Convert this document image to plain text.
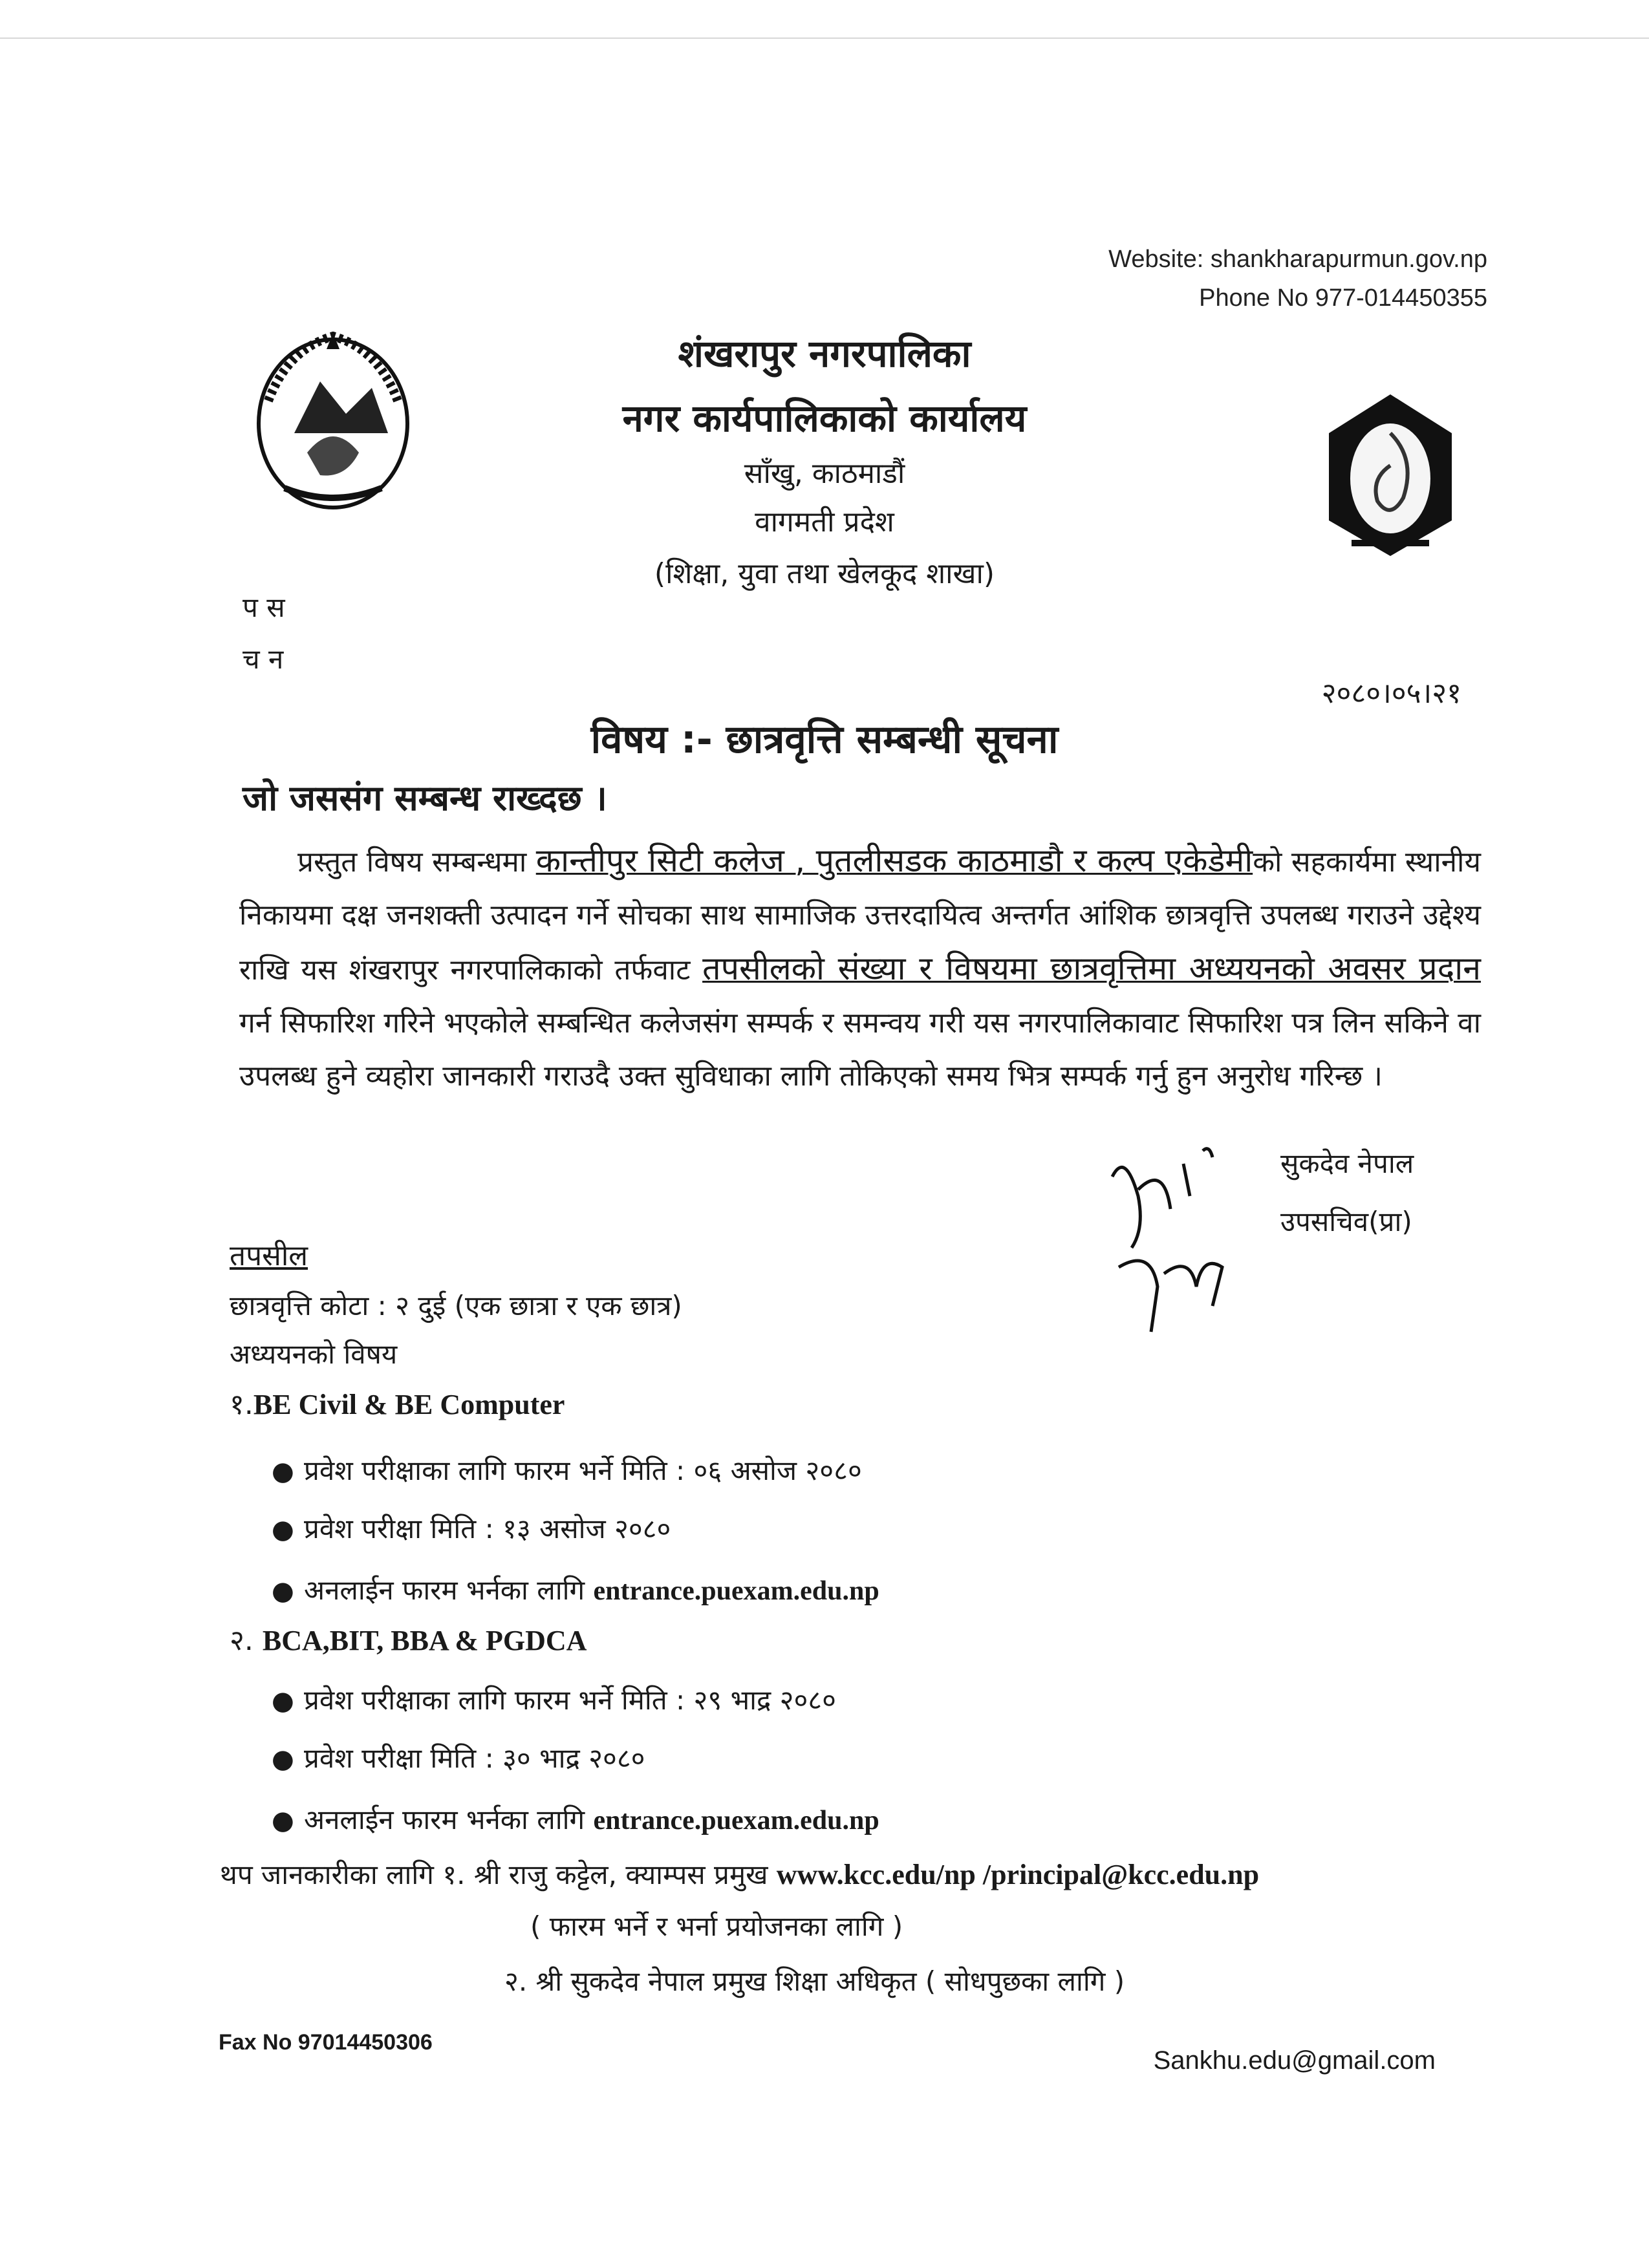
Website: shankharapurmun.gov.np
Phone No 977-014450355
शंखरापुर नगरपालिका
नगर कार्यपालिकाको कार्यालय
साँखु, काठमाडौं
वागमती प्रदेश
(शिक्षा, युवा तथा खेलकूद शाखा)
प स
च न
२०८०।०५।२१
विषय :- छात्रवृत्ति सम्बन्धी सूचना
जो जससंग सम्बन्ध राख्दछ ।
प्रस्तुत विषय सम्बन्धमा कान्तीपुर सिटी कलेज , पुतलीसडक काठमाडौ र कल्प एकेडेमीको सहकार्यमा स्थानीय निकायमा दक्ष जनशक्ती उत्पादन गर्ने सोचका साथ सामाजिक उत्तरदायित्व अन्तर्गत आंशिक छात्रवृत्ति उपलब्ध गराउने उद्देश्य राखि यस शंखरापुर नगरपालिकाको तर्फवाट तपसीलको संख्या र विषयमा छात्रवृत्तिमा अध्ययनको अवसर प्रदान गर्न सिफारिश गरिने भएकोले सम्बन्धित कलेजसंग सम्पर्क र समन्वय गरी यस नगरपालिकावाट सिफारिश पत्र लिन सकिने वा उपलब्ध हुने व्यहोरा जानकारी गराउदै उक्त सुविधाका लागि तोकिएको समय भित्र सम्पर्क गर्नु हुन अनुरोध गरिन्छ ।
सुकदेव नेपाल
उपसचिव(प्रा)
तपसील
छात्रवृत्ति कोटा : २ दुई (एक छात्रा र एक छात्र)
अध्ययनको विषय
१.BE Civil & BE Computer
● प्रवेश परीक्षाका लागि फारम भर्ने मिति : ०६ असोज २०८०
● प्रवेश परीक्षा मिति : १३ असोज २०८०
● अनलाईन फारम भर्नका लागि entrance.puexam.edu.np
२. BCA,BIT, BBA & PGDCA
● प्रवेश परीक्षाका लागि फारम भर्ने मिति : २९ भाद्र २०८०
● प्रवेश परीक्षा मिति : ३० भाद्र २०८०
● अनलाईन फारम भर्नका लागि entrance.puexam.edu.np
थप जानकारीका लागि १. श्री राजु कट्टेल, क्याम्पस प्रमुख www.kcc.edu/np /principal@kcc.edu.np
( फारम भर्ने र भर्ना प्रयोजनका लागि )
२. श्री सुकदेव नेपाल प्रमुख शिक्षा अधिकृत ( सोधपुछका लागि )
Fax No 97014450306
Sankhu.edu@gmail.com
